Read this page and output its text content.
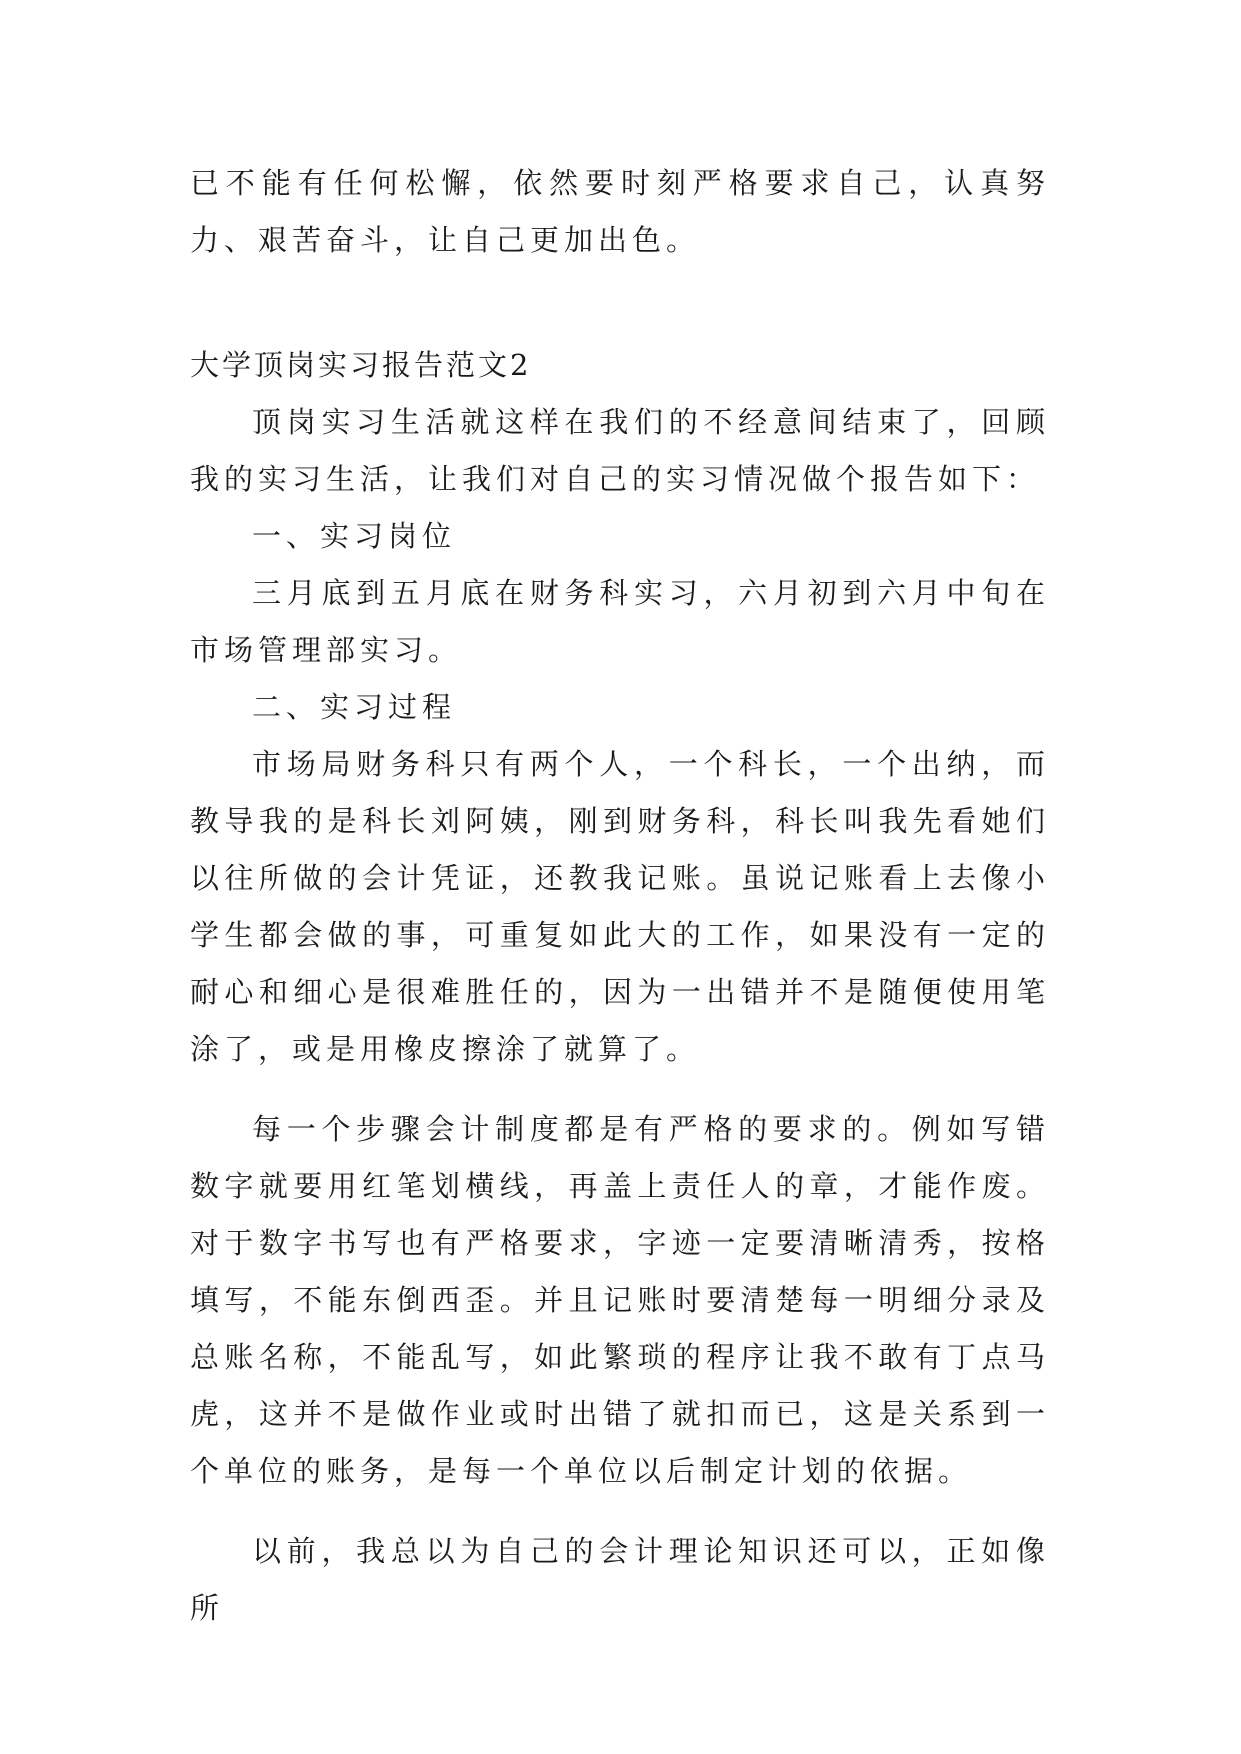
已不能有任何松懈，依然要时刻严格要求自己，认真努力、艰苦奋斗，让自己更加出色。

大学顶岗实习报告范文2

顶岗实习生活就这样在我们的不经意间结束了，回顾我的实习生活，让我们对自己的实习情况做个报告如下：

一、实习岗位

三月底到五月底在财务科实习，六月初到六月中旬在市场管理部实习。

二、实习过程

市场局财务科只有两个人，一个科长，一个出纳，而教导我的是科长刘阿姨，刚到财务科，科长叫我先看她们以往所做的会计凭证，还教我记账。虽说记账看上去像小学生都会做的事，可重复如此大的工作，如果没有一定的耐心和细心是很难胜任的，因为一出错并不是随便使用笔涂了，或是用橡皮擦涂了就算了。

每一个步骤会计制度都是有严格的要求的。例如写错数字就要用红笔划横线，再盖上责任人的章，才能作废。对于数字书写也有严格要求，字迹一定要清晰清秀，按格填写，不能东倒西歪。并且记账时要清楚每一明细分录及总账名称，不能乱写，如此繁琐的程序让我不敢有丁点马虎，这并不是做作业或时出错了就扣而已，这是关系到一个单位的账务，是每一个单位以后制定计划的依据。

以前，我总以为自己的会计理论知识还可以，正如像所
